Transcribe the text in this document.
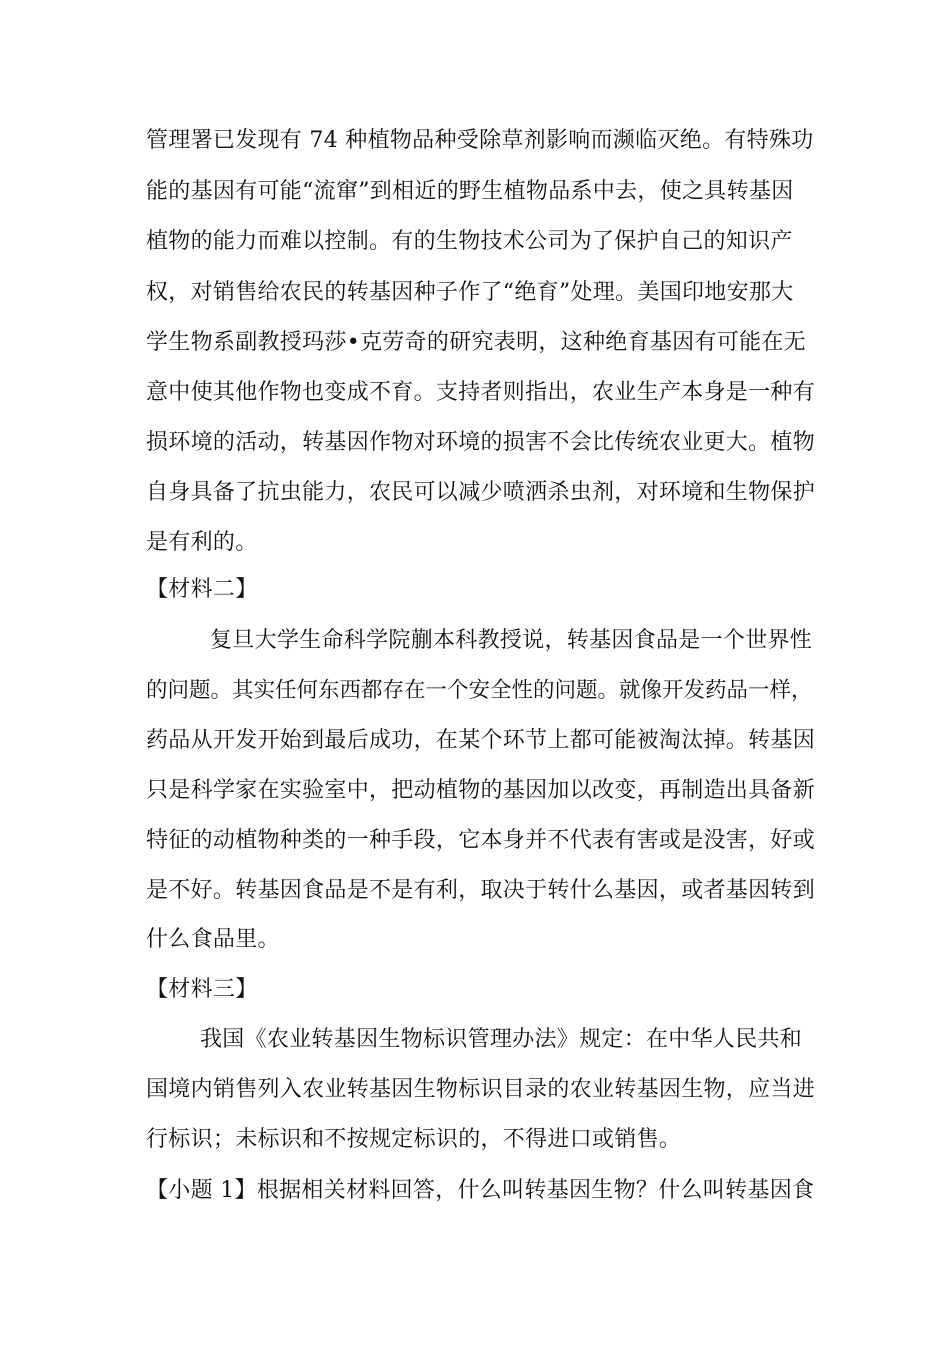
管理署已发现有 74 种植物品种受除草剂影响而濒临灭绝。有特殊功
能的基因有可能“流窜”到相近的野生植物品系中去，使之具转基因
植物的能力而难以控制。有的生物技术公司为了保护自己的知识产
权，对销售给农民的转基因种子作了“绝育”处理。美国印地安那大
学生物系副教授玛莎•克劳奇的研究表明，这种绝育基因有可能在无
意中使其他作物也变成不育。支持者则指出，农业生产本身是一种有
损环境的活动，转基因作物对环境的损害不会比传统农业更大。植物
自身具备了抗虫能力，农民可以减少喷洒杀虫剂，对环境和生物保护
是有利的。
【材料二】
复旦大学生命科学院蒯本科教授说，转基因食品是一个世界性
的问题。其实任何东西都存在一个安全性的问题。就像开发药品一样，
药品从开发开始到最后成功，在某个环节上都可能被淘汰掉。转基因
只是科学家在实验室中，把动植物的基因加以改变，再制造出具备新
特征的动植物种类的一种手段，它本身并不代表有害或是没害，好或
是不好。转基因食品是不是有利，取决于转什么基因，或者基因转到
什么食品里。
【材料三】
我国《农业转基因生物标识管理办法》规定：在中华人民共和
国境内销售列入农业转基因生物标识目录的农业转基因生物，应当进
行标识；未标识和不按规定标识的，不得进口或销售。
【小题 1】根据相关材料回答，什么叫转基因生物？什么叫转基因食
